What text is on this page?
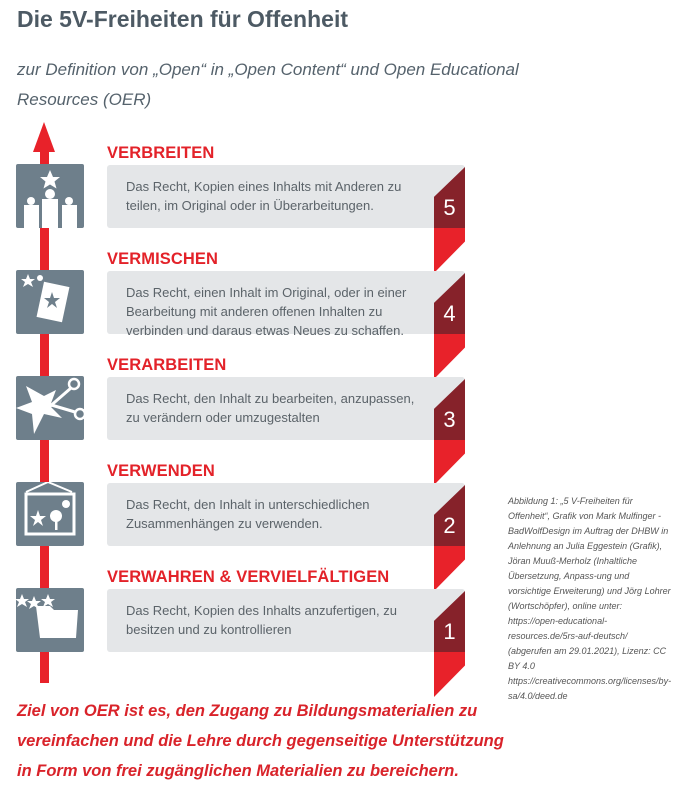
Die 5V-Freiheiten für Offenheit
zur Definition von „Open“ in „Open Content“ und Open Educational
Resources (OER)
VERBREITEN
Das Recht, Kopien eines Inhalts mit Anderen zu teilen, im Original oder in Überarbeitungen.	5
VERMISCHEN
Das Recht, einen Inhalt im Original, oder in einer Bearbeitung mit anderen offenen Inhalten zu verbinden und daraus etwas Neues zu schaffen.
4
VERARBEITEN
Das Recht, den Inhalt zu bearbeiten, anzupassen, zu verändern oder umzugestalten	3
VERWENDEN
Das Recht, den Inhalt in unterschiedlichen Zusammenhängen zu verwenden.	2
VERWAHREN & VERVIELFÄLTIGEN
Das Recht, Kopien des Inhalts anzufertigen, zu besitzen und zu kontrollieren	1
Abbildung 1: „5 V-Freiheiten für Offenheit“, Grafik von Mark Mulfinger - BadWolfDesign im Auftrag der DHBW in Anlehnung an Julia Eggestein (Grafik), Jöran Muuß-Merholz (Inhaltliche Übersetzung, Anpass-ung und vorsichtige Erweiterung) und Jörg Lohrer (Wortschöpfer), online unter: https://open-educational-resources.de/5rs-auf-deutsch/
(abgerufen am 29.01.2021), Lizenz: CC BY 4.0 https://creativecommons.org/licenses/by-sa/4.0/deed.de
Ziel von OER ist es, den Zugang zu Bildungsmaterialien zu
vereinfachen und die Lehre durch gegenseitige Unterstützung
in Form von frei zugänglichen Materialien zu bereichern.
